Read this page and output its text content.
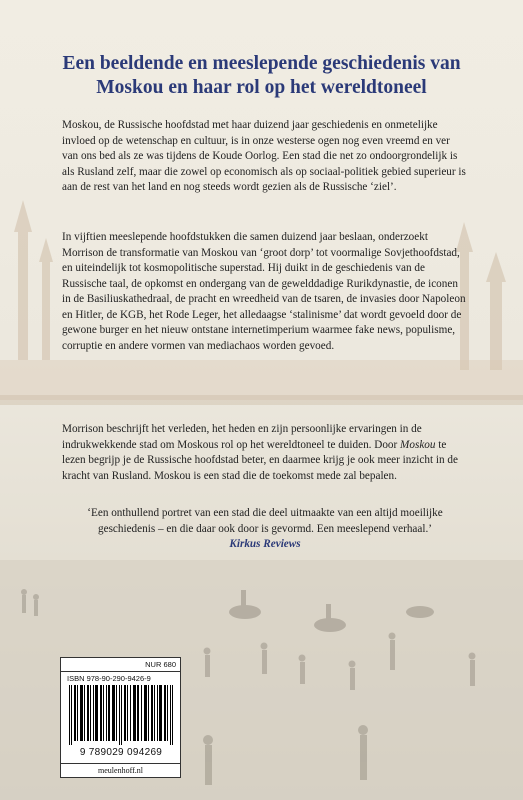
Een beeldende en meeslepende geschiedenis van
Moskou en haar rol op het wereldtoneel

Moskou, de Russische hoofdstad met haar duizend jaar geschiedenis en onmetelijke invloed op de wetenschap en cultuur, is in onze westerse ogen nog even vreemd en ver van ons bed als ze was tijdens de Koude Oorlog. Een stad die net zo ondoorgrondelijk is als Rusland zelf, maar die zowel op economisch als op sociaal-politiek gebied superieur is aan de rest van het land en nog steeds wordt gezien als de Russische ‘ziel’.

In vijftien meeslepende hoofdstukken die samen duizend jaar beslaan, onderzoekt Morrison de transformatie van Moskou van ‘groot dorp’ tot voormalige Sovjethoofdstad, en uiteindelijk tot kosmopolitische superstad. Hij duikt in de geschiedenis van de Russische taal, de opkomst en ondergang van de gewelddadige Rurikdynastie, de iconen in de Basiliuskathedraal, de pracht en wreedheid van de tsaren, de invasies door Napoleon en Hitler, de KGB, het Rode Leger, het alledaagse ‘stalinisme’ dat wordt gevoeld door de gewone burger en het nieuw ontstane internetimperium waarmee fake news, populisme, corruptie en andere vormen van mediachaos worden gevoed.

Morrison beschrijft het verleden, het heden en zijn persoonlijke ervaringen in de indrukwekkende stad om Moskous rol op het wereldtoneel te duiden. Door Moskou te lezen begrijp je de Russische hoofdstad beter, en daarmee krijg je ook meer inzicht in de kracht van Rusland. Moskou is een stad die de toekomst mede zal bepalen.

‘Een onthullend portret van een stad die deel uitmaakte van een altijd moeilijke geschiedenis – en die daar ook door is gevormd. Een meeslepend verhaal.’
Kirkus Reviews
NUR 680
ISBN 978-90-290-9426-9
9 789029 094269
meulenhoff.nl
